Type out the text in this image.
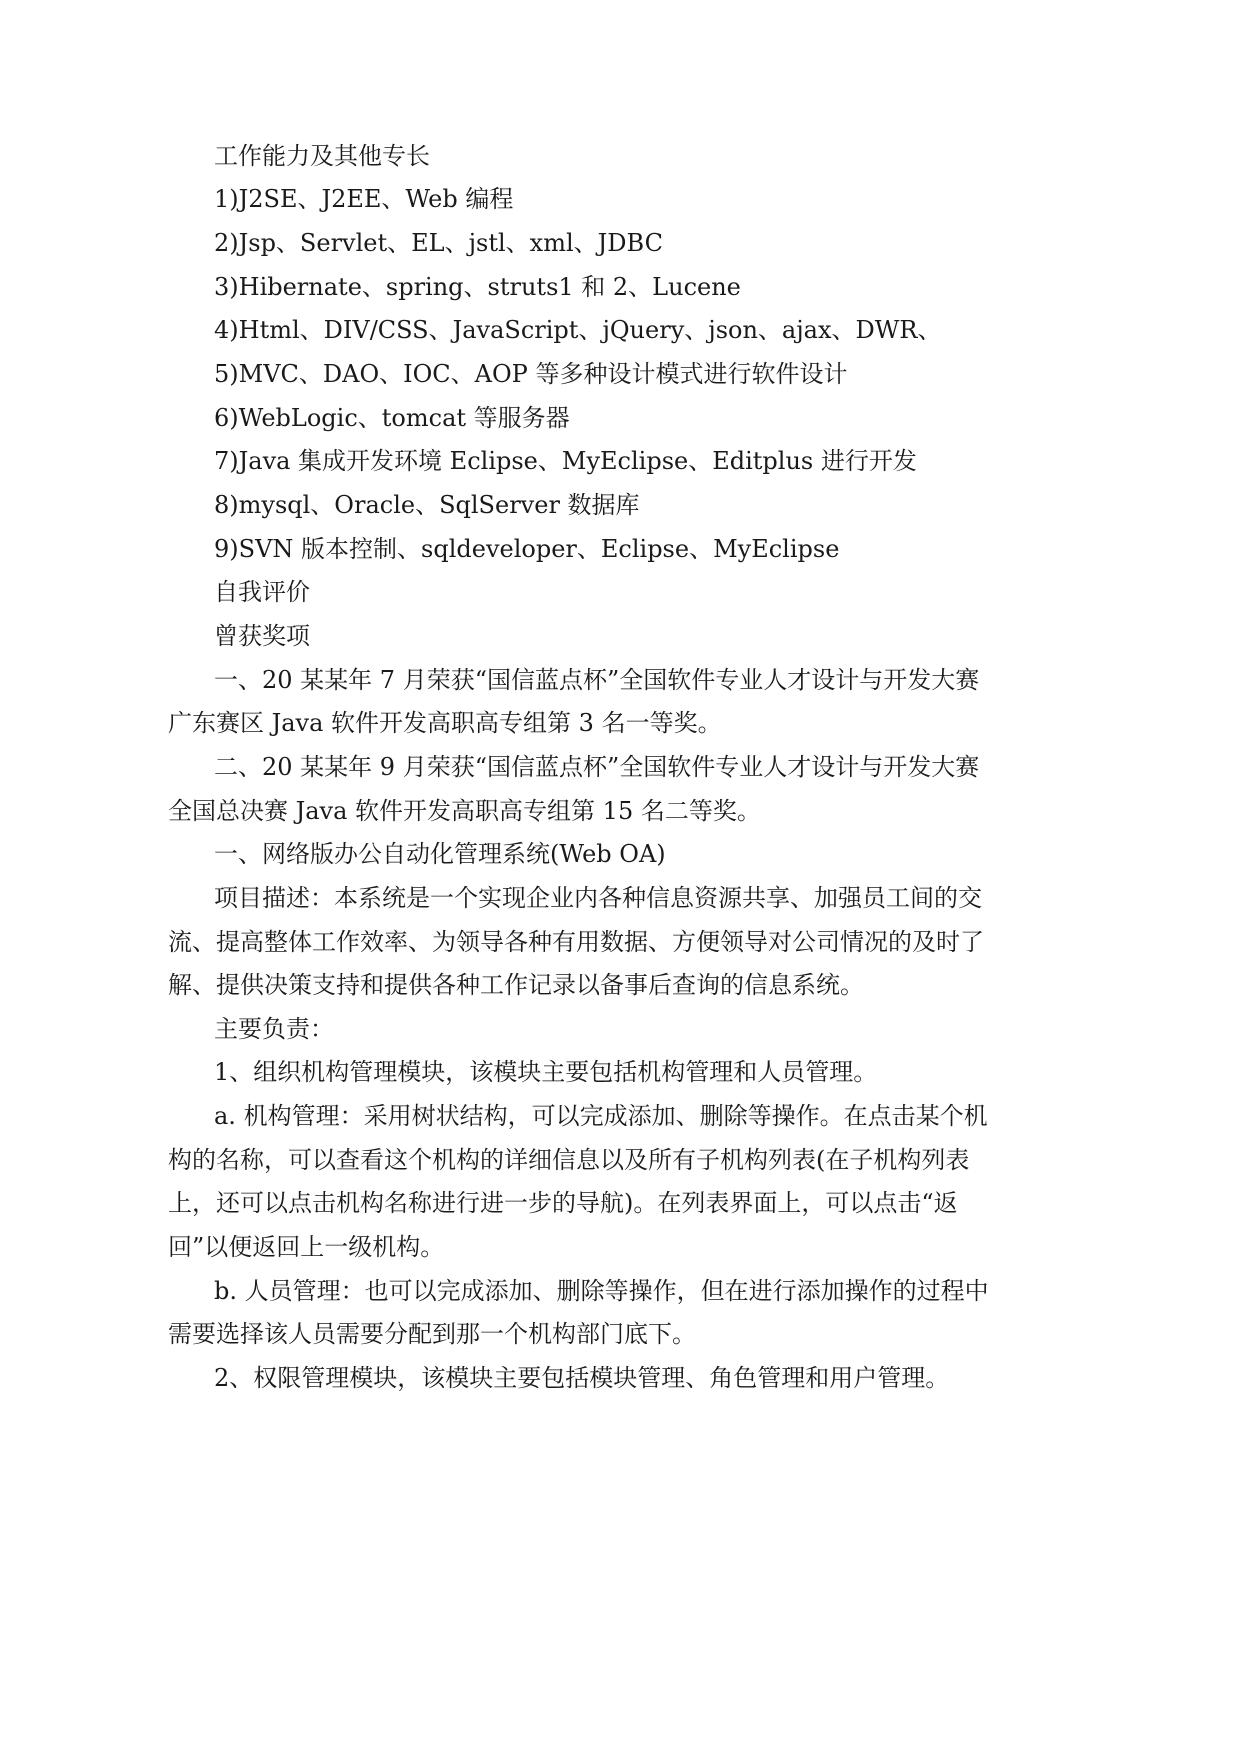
工作能力及其他专长
1)J2SE、J2EE、Web 编程
2)Jsp、Servlet、EL、jstl、xml、JDBC
3)Hibernate、spring、struts1 和 2、Lucene
4)Html、DIV/CSS、JavaScript、jQuery、json、ajax、DWR、
5)MVC、DAO、IOC、AOP 等多种设计模式进行软件设计
6)WebLogic、tomcat 等服务器
7)Java 集成开发环境 Eclipse、MyEclipse、Editplus 进行开发
8)mysql、Oracle、SqlServer 数据库
9)SVN 版本控制、sqldeveloper、Eclipse、MyEclipse
自我评价
曾获奖项
一、20 某某年 7 月荣获“国信蓝点杯”全国软件专业人才设计与开发大赛
广东赛区 Java 软件开发高职高专组第 3 名一等奖。
二、20 某某年 9 月荣获“国信蓝点杯”全国软件专业人才设计与开发大赛
全国总决赛 Java 软件开发高职高专组第 15 名二等奖。
一、网络版办公自动化管理系统(Web OA)
项目描述：本系统是一个实现企业内各种信息资源共享、加强员工间的交
流、提高整体工作效率、为领导各种有用数据、方便领导对公司情况的及时了
解、提供决策支持和提供各种工作记录以备事后查询的信息系统。
主要负责：
1、组织机构管理模块，该模块主要包括机构管理和人员管理。
a. 机构管理：采用树状结构，可以完成添加、删除等操作。在点击某个机
构的名称，可以查看这个机构的详细信息以及所有子机构列表(在子机构列表
上，还可以点击机构名称进行进一步的导航)。在列表界面上，可以点击“返
回”以便返回上一级机构。
b. 人员管理：也可以完成添加、删除等操作，但在进行添加操作的过程中
需要选择该人员需要分配到那一个机构部门底下。
2、权限管理模块，该模块主要包括模块管理、角色管理和用户管理。
